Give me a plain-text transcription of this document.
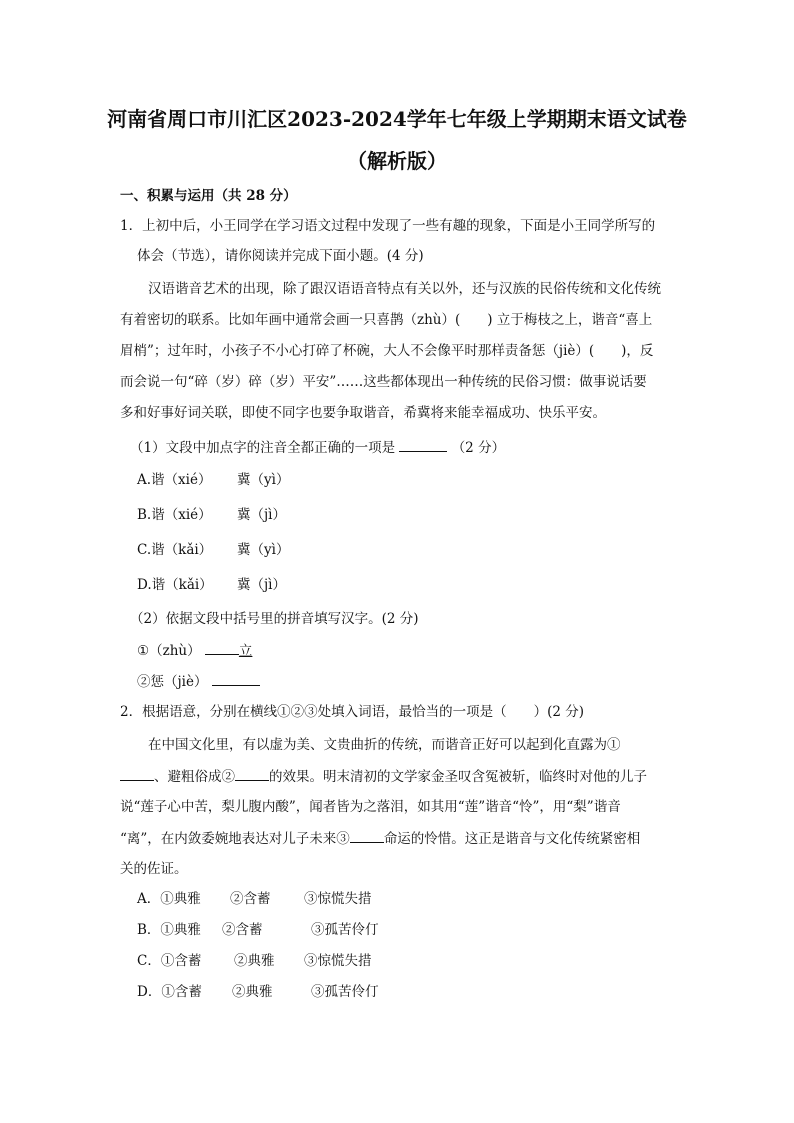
河南省周口市川汇区2023-2024学年七年级上学期期末语文试卷
（解析版）
一、积累与运用（共 28 分）
1．上初中后，小王同学在学习语文过程中发现了一些有趣的现象，下面是小王同学所写的
体会（节选），请你阅读并完成下面小题。(4 分)
汉语谐音艺术的出现，除了跟汉语语音特点有关以外，还与汉族的民俗传统和文化传统
有着密切的联系。比如年画中通常会画一只喜鹊（zhù）(　　) 立于梅枝之上，谐音“喜上
眉梢”；过年时，小孩子不小心打碎了杯碗，大人不会像平时那样责备惩（jiè）(　　)，反
而会说一句“碎（岁）碎（岁）平安”……这些都体现出一种传统的民俗习惯：做事说话要
多和好事好词关联，即使不同字也要争取谐音，希冀将来能幸福成功、快乐平安。
（1）文段中加点字的注音全都正确的一项是	（2 分）
A.谐（xié） 冀（yì）
B.谐（xié） 冀（jì）
C.谐（kǎi） 冀（yì）
D.谐（kǎi） 冀（jì）
（2）依据文段中括号里的拼音填写汉字。(2 分)
①（zhù）	立
②惩（jiè）
2．根据语意，分别在横线①②③处填入词语，最恰当的一项是（　　）(2 分)
在中国文化里，有以虚为美、文贵曲折的传统，而谐音正好可以起到化直露为①
、避粗俗成②	的效果。明末清初的文学家金圣叹含冤被斩，临终时对他的儿子
说“莲子心中苦，梨儿腹内酸”，闻者皆为之落泪，如其用“莲”谐音“怜”，用“梨”谐音
“离”，在内敛委婉地表达对儿子未来③	命运的怜惜。这正是谐音与文化传统紧密相
关的佐证。
A．①典雅 ②含蓄 ③惊慌失措
B．①典雅 ②含蓄	③孤苦伶仃
C．①含蓄 ②典雅 ③惊慌失措
D．①含蓄 ②典雅	③孤苦伶仃
